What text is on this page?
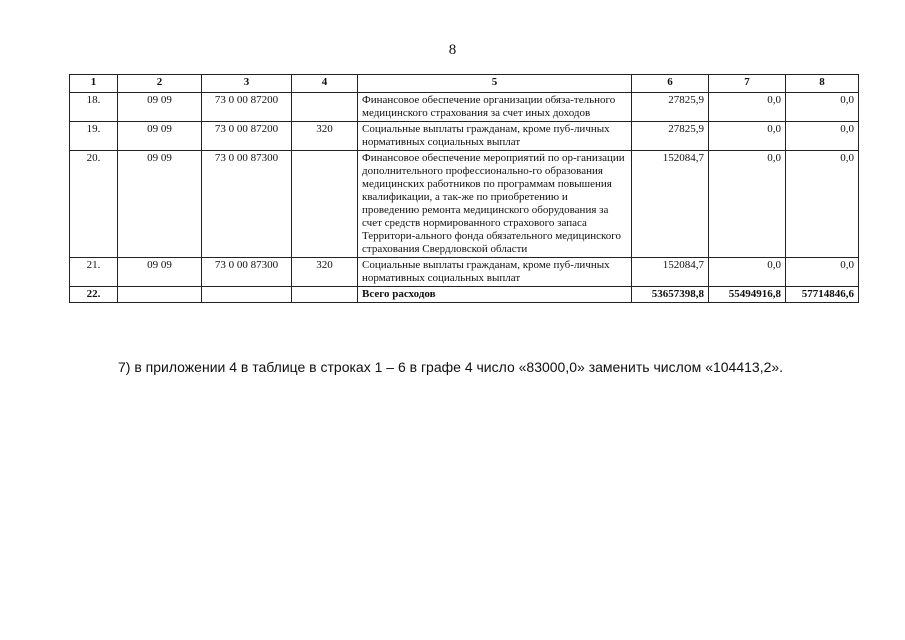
8
1	2	3	4	5	6	7	8
18.	09 09	73 0 00 87200		Финансовое обеспечение организации обяза-тельного медицинского страхования за счет иных доходов	27825,9	0,0	0,0
19.	09 09	73 0 00 87200	320	Социальные выплаты гражданам, кроме пуб-личных нормативных социальных выплат	27825,9	0,0	0,0
20.	09 09	73 0 00 87300		Финансовое обеспечение мероприятий по ор-ганизации дополнительного профессионально-го образования медицинских работников по программам повышения квалификации, а так-же по приобретению и проведению ремонта медицинского оборудования за счет средств нормированного страхового запаса Территори-ального фонда обязательного медицинского страхования Свердловской области	152084,7	0,0	0,0
21.	09 09	73 0 00 87300	320	Социальные выплаты гражданам, кроме пуб-личных нормативных социальных выплат	152084,7	0,0	0,0
22.				Всего расходов	53657398,8	55494916,8	57714846,6
7) в приложении 4 в таблице в строках 1 – 6 в графе 4 число «83000,0» заменить числом «104413,2».
